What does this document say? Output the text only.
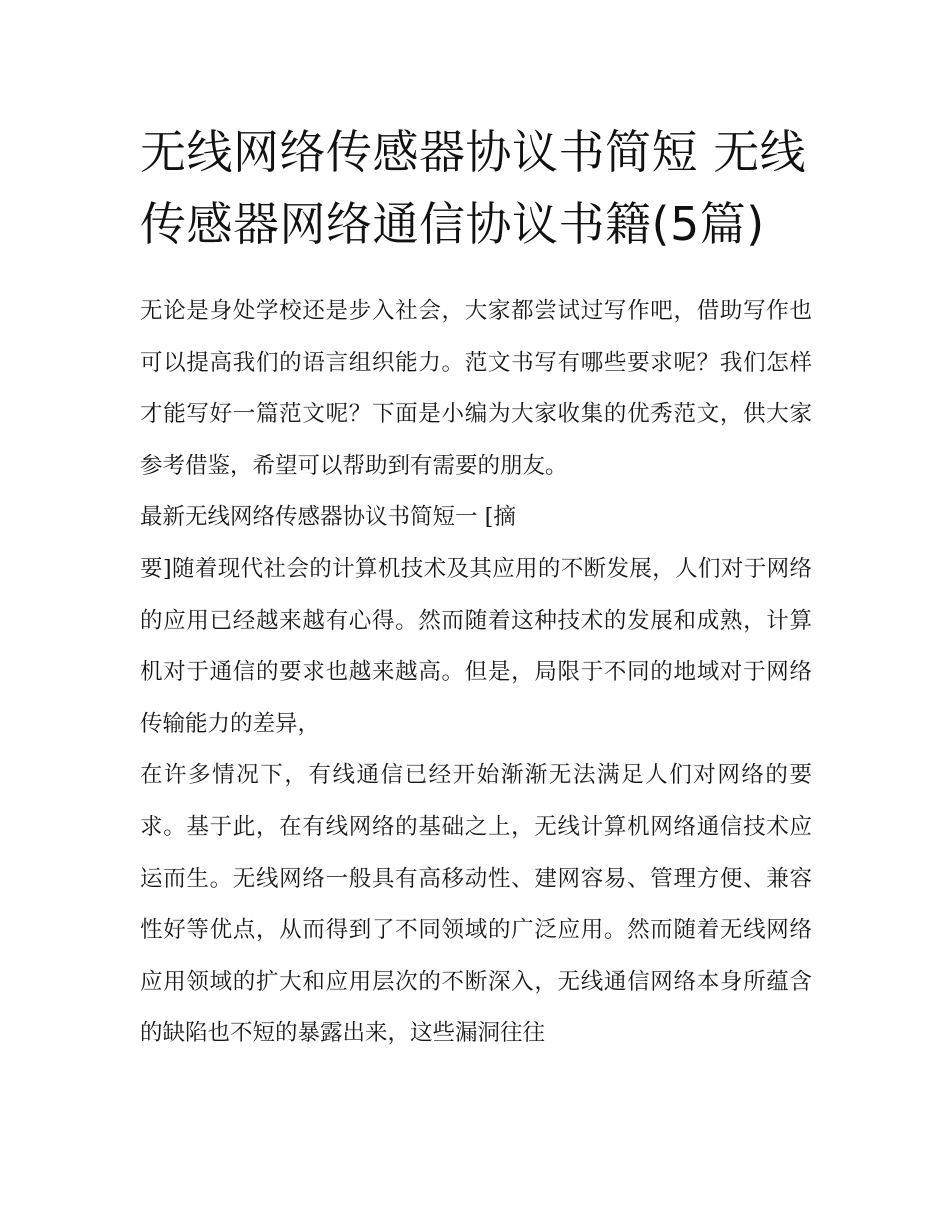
无线网络传感器协议书简短 无线传感器网络通信协议书籍(5篇)

无论是身处学校还是步入社会，大家都尝试过写作吧，借助写作也可以提高我们的语言组织能力。范文书写有哪些要求呢？我们怎样才能写好一篇范文呢？下面是小编为大家收集的优秀范文，供大家参考借鉴，希望可以帮助到有需要的朋友。

最新无线网络传感器协议书简短一 [摘

要]随着现代社会的计算机技术及其应用的不断发展，人们对于网络的应用已经越来越有心得。然而随着这种技术的发展和成熟，计算机对于通信的要求也越来越高。但是，局限于不同的地域对于网络传输能力的差异，

在许多情况下，有线通信已经开始渐渐无法满足人们对网络的要求。基于此，在有线网络的基础之上，无线计算机网络通信技术应运而生。无线网络一般具有高移动性、建网容易、管理方便、兼容性好等优点，从而得到了不同领域的广泛应用。然而随着无线网络应用领域的扩大和应用层次的不断深入，无线通信网络本身所蕴含的缺陷也不短的暴露出来，这些漏洞往往
